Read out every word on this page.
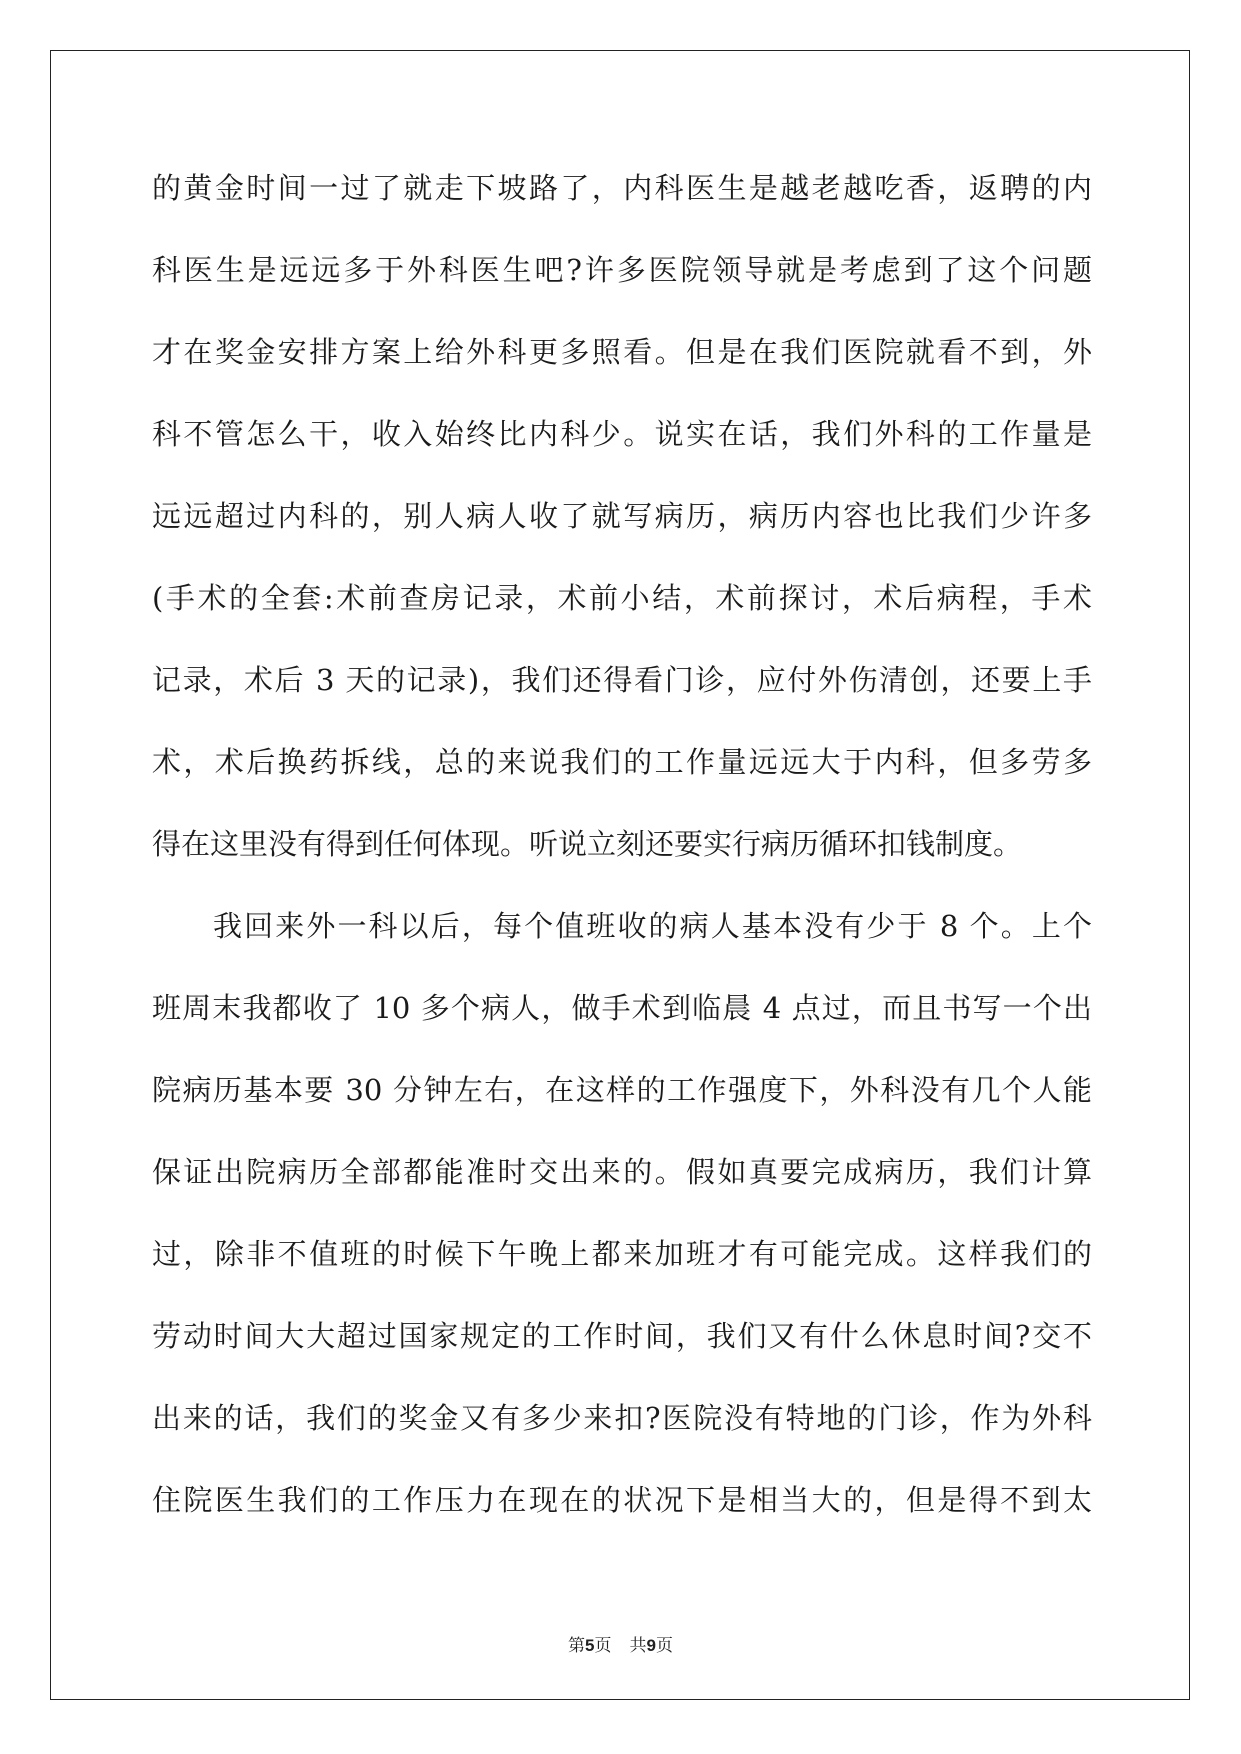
的黄金时间一过了就走下坡路了，内科医生是越老越吃香，返聘的内
科医生是远远多于外科医生吧?许多医院领导就是考虑到了这个问题
才在奖金安排方案上给外科更多照看。但是在我们医院就看不到，外
科不管怎么干，收入始终比内科少。说实在话，我们外科的工作量是
远远超过内科的，别人病人收了就写病历，病历内容也比我们少许多
(手术的全套:术前查房记录，术前小结，术前探讨，术后病程，手术
记录，术后 3 天的记录)，我们还得看门诊，应付外伤清创，还要上手
术，术后换药拆线，总的来说我们的工作量远远大于内科，但多劳多
得在这里没有得到任何体现。听说立刻还要实行病历循环扣钱制度。
我回来外一科以后，每个值班收的病人基本没有少于 8 个。上个
班周末我都收了 10 多个病人，做手术到临晨 4 点过，而且书写一个出
院病历基本要 30 分钟左右，在这样的工作强度下，外科没有几个人能
保证出院病历全部都能准时交出来的。假如真要完成病历，我们计算
过，除非不值班的时候下午晚上都来加班才有可能完成。这样我们的
劳动时间大大超过国家规定的工作时间，我们又有什么休息时间?交不
出来的话，我们的奖金又有多少来扣?医院没有特地的门诊，作为外科
住院医生我们的工作压力在现在的状况下是相当大的，但是得不到太
第5页 共9页
